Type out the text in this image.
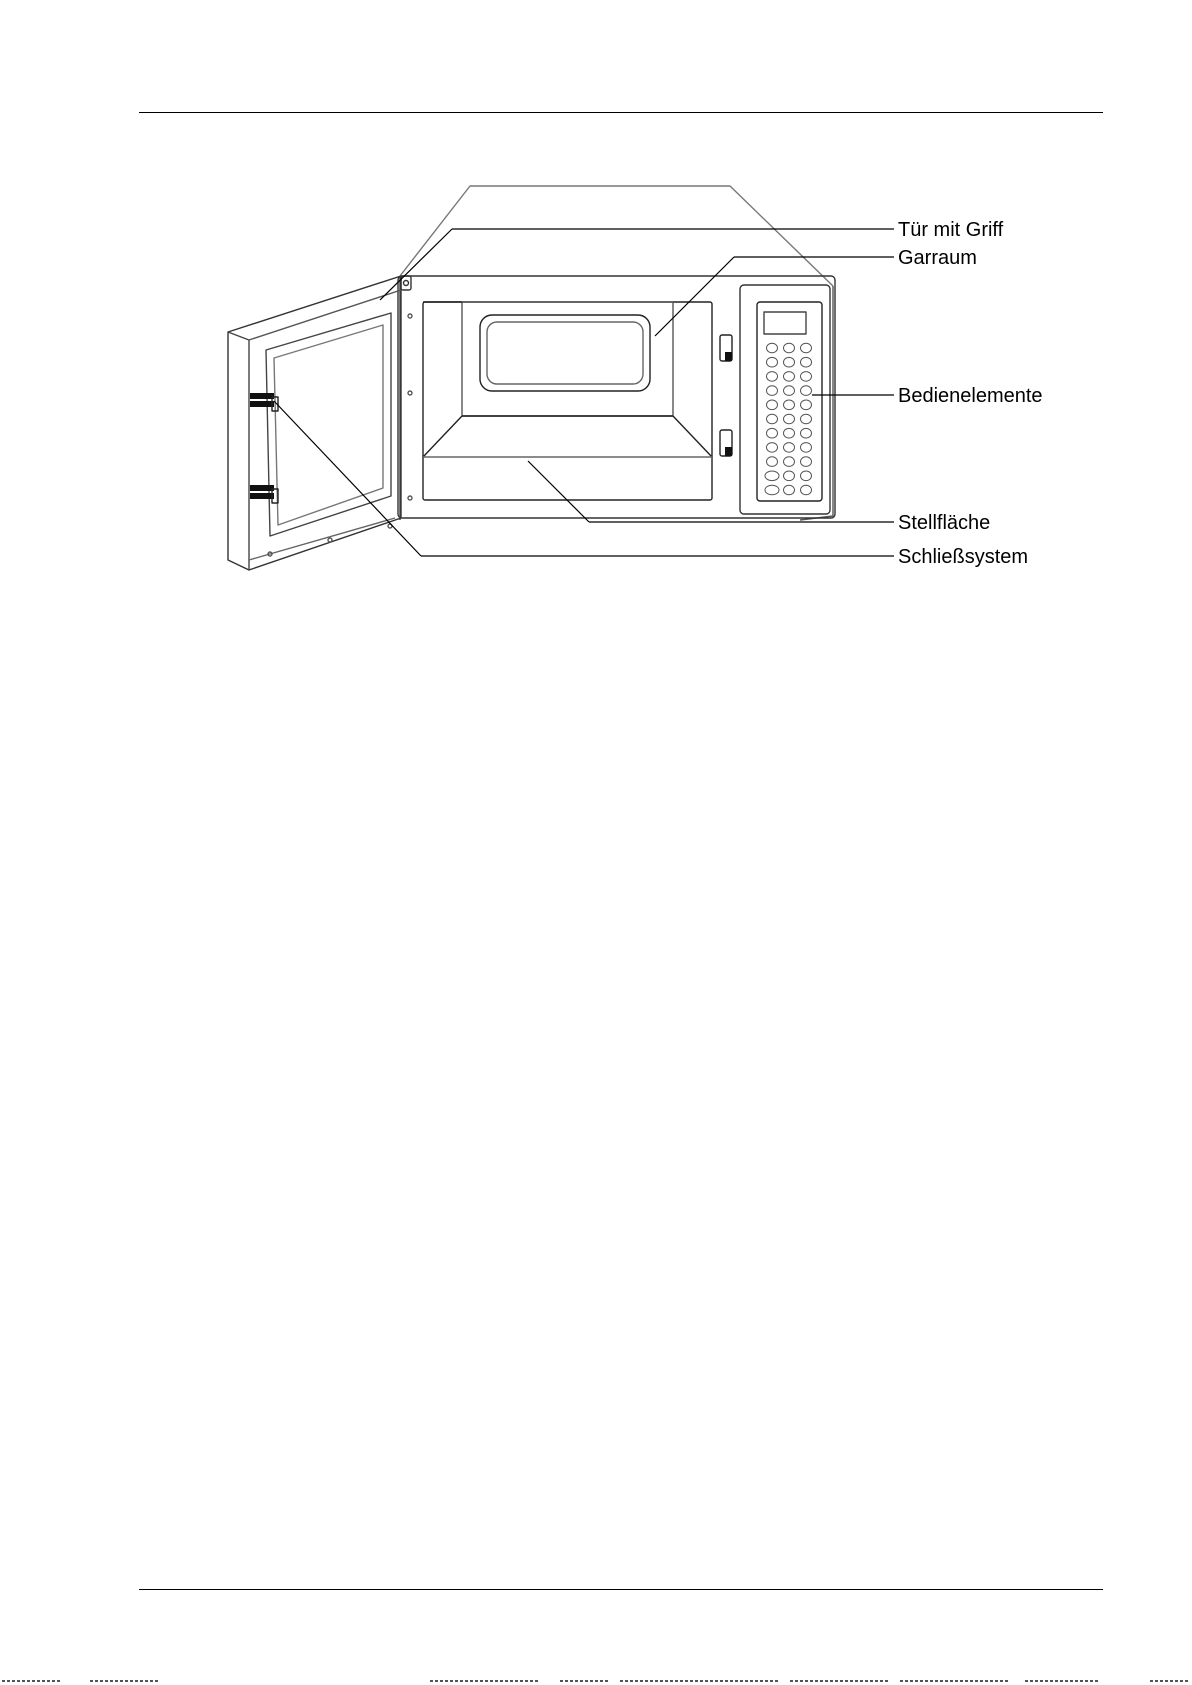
Tür mit Griff
Garraum
Bedienelemente
Stellfläche
Schließsystem
